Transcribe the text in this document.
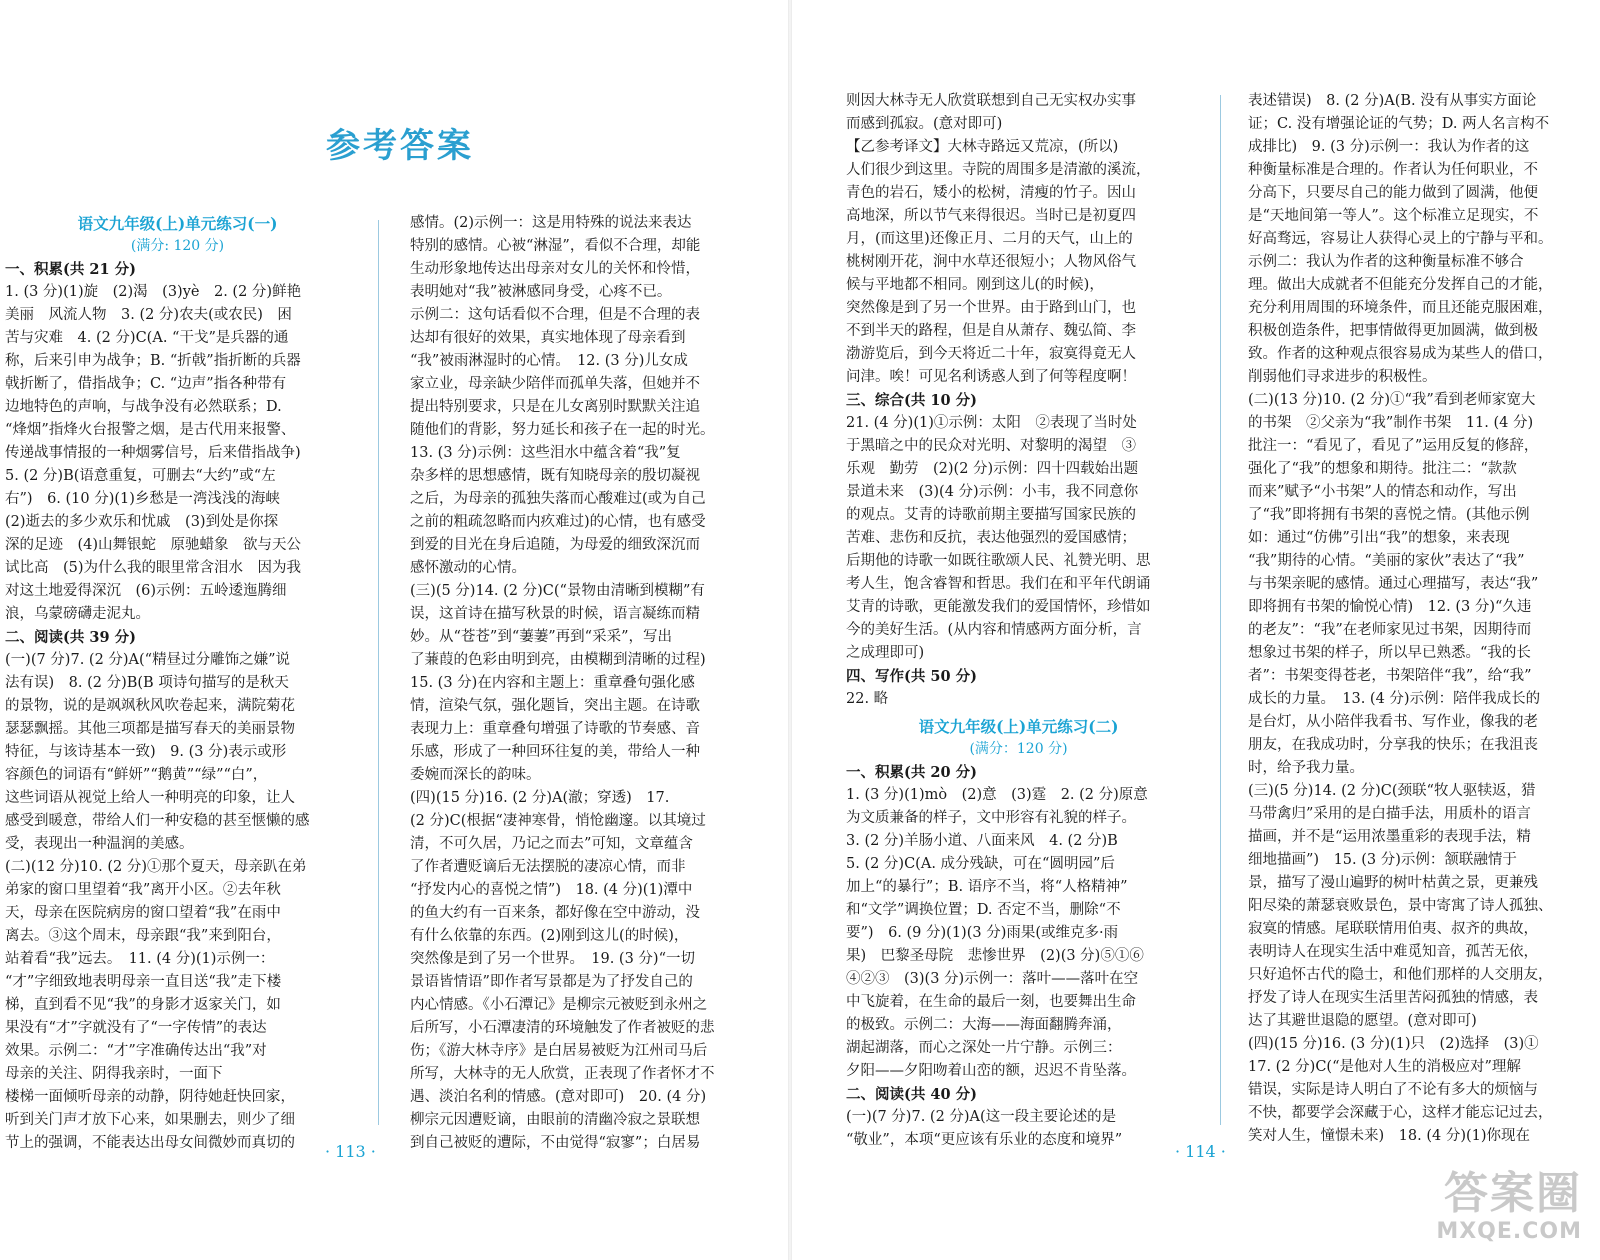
参考答案

语文九年级(上)单元练习(一)

(满分: 120 分)

一、积累(共 21 分)

1. (3 分)(1)旋　(2)渴　(3)yè　2. (2 分)鲜艳

美丽　风流人物　3. (2 分)农夫(或农民)　困

苦与灾难　4. (2 分)C(A. “干戈”是兵器的通

称，后来引申为战争；B. “折戟”指折断的兵器

戟折断了，借指战争；C. “边声”指各种带有

边地特色的声响，与战争没有必然联系；D.

“烽烟”指烽火台报警之烟，是古代用来报警、

传递战事情报的一种烟雾信号，后来借指战争)

5. (2 分)B(语意重复，可删去“大约”或“左

右”)　6. (10 分)(1)乡愁是一湾浅浅的海峡

(2)逝去的多少欢乐和忧戚　(3)到处是你探

深的足迹　(4)山舞银蛇　原驰蜡象　欲与天公

试比高　(5)为什么我的眼里常含泪水　因为我

对这土地爱得深沉　(6)示例：五岭逶迤腾细

浪，乌蒙磅礴走泥丸。

二、阅读(共 39 分)

(一)(7 分)7. (2 分)A(“精昼过分雕饰之嫌”说

法有误)　8. (2 分)B(B 项诗句描写的是秋天

的景物，说的是飒飒秋风吹卷起来，满院菊花

瑟瑟飘摇。其他三项都是描写春天的美丽景物

特征，与该诗基本一致)　9. (3 分)表示或形

容颜色的词语有“鲜妍”“鹅黄”“绿”“白”，

这些词语从视觉上给人一种明亮的印象，让人

感受到暖意，带给人们一种安稳的甚至惬懒的感

受，表现出一种温润的美感。

(二)(12 分)10. (2 分)①那个夏天，母亲趴在弟

弟家的窗口里望着“我”离开小区。②去年秋

天，母亲在医院病房的窗口望着“我”在雨中

离去。③这个周末，母亲跟“我”来到阳台，

站着看“我”远去。　11. (4 分)(1)示例一：

“才”字细致地表明母亲一直目送“我”走下楼

梯，直到看不见“我”的身影才返家关门，如

果没有“才”字就没有了“一字传情”的表达

效果。示例二：“才”字准确传达出“我”对

母亲的关注、阴得我亲时，一面下

楼梯一面倾听母亲的动静，阴待她赶快回家，

听到关门声才放下心来，如果删去，则少了细

节上的强调，不能表达出母女间微妙而真切的

感情。(2)示例一：这是用特殊的说法来表达

特别的感情。心被“淋湿”，看似不合理，却能

生动形象地传达出母亲对女儿的关怀和怜惜，

表明她对“我”被淋感同身受，心疼不已。

示例二：这句话看似不合理，但是不合理的表

达却有很好的效果，真实地体现了母亲看到

“我”被雨淋湿时的心情。　12. (3 分)儿女成

家立业，母亲缺少陪伴而孤单失落，但她并不

提出特别要求，只是在儿女离别时默默关注追

随他们的背影，努力延长和孩子在一起的时光。

13. (3 分)示例：这些泪水中蕴含着“我”复

杂多样的思想感情，既有知晓母亲的殷切凝视

之后，为母亲的孤独失落而心酸难过(或为自己

之前的粗疏忽略而内疚难过)的心情，也有感受

到爱的目光在身后追随，为母爱的细致深沉而

感怀激动的心情。

(三)(5 分)14. (2 分)C(“景物由清晰到模糊”有

误，这首诗在描写秋景的时候，语言凝练而精

妙。从“苍苍”到“萋萋”再到“采采”，写出

了蒹葭的色彩由明到亮，由模糊到清晰的过程)

15. (3 分)在内容和主题上：重章叠句强化感

情，渲染气氛，强化题旨，突出主题。在诗歌

表现力上：重章叠句增强了诗歌的节奏感、音

乐感，形成了一种回环往复的美，带给人一种

委婉而深长的韵味。

(四)(15 分)16. (2 分)A(澈；穿透)　17.

(2 分)C(根据“凄神寒骨，悄怆幽邃。以其境过

清，不可久居，乃记之而去”可知，文章蕴含

了作者遭贬谪后无法摆脱的凄凉心情，而非

“抒发内心的喜悦之情”)　18. (4 分)(1)潭中

的鱼大约有一百来条，都好像在空中游动，没

有什么依靠的东西。(2)刚到这儿(的时候)，

突然像是到了另一个世界。　19. (3 分)“一切

景语皆情语”即作者写景都是为了抒发自己的

内心情感。《小石潭记》是柳宗元被贬到永州之

后所写，小石潭凄清的环境触发了作者被贬的悲

伤；《游大林寺序》是白居易被贬为江州司马后

所写，大林寺的无人欣赏，正表现了作者怀才不

遇、淡泊名利的情感。(意对即可)　20. (4 分)

柳宗元因遭贬谪，由眼前的清幽冷寂之景联想

到自己被贬的遭际，不由觉得“寂寥”；白居易

· 113 ·

则因大林寺无人欣赏联想到自己无实权办实事

而感到孤寂。(意对即可)

【乙参考译文】大林寺路远又荒凉，(所以)

人们很少到这里。寺院的周围多是清澈的溪流，

青色的岩石，矮小的松树，清瘦的竹子。因山

高地深，所以节气来得很迟。当时已是初夏四

月，(而这里)还像正月、二月的天气，山上的

桃树刚开花，涧中水草还很短小；人物风俗气

候与平地都不相同。刚到这儿(的时候)，

突然像是到了另一个世界。由于路到山门，也

不到半天的路程，但是自从萧存、魏弘简、李

渤游览后，到今天将近二十年，寂寞得竟无人

问津。唉！可见名利诱惑人到了何等程度啊！

三、综合(共 10 分)

21. (4 分)(1)①示例：太阳　②表现了当时处

于黑暗之中的民众对光明、对黎明的渴望　③

乐观　勤劳　(2)(2 分)示例：四十四载始出题

景道未来　(3)(4 分)示例：小韦，我不同意你

的观点。艾青的诗歌前期主要描写国家民族的

苦难、悲伤和反抗，表达他强烈的爱国感情；

后期他的诗歌一如既往歌颂人民、礼赞光明、思

考人生，饱含睿智和哲思。我们在和平年代朗诵

艾青的诗歌，更能激发我们的爱国情怀，珍惜如

今的美好生活。(从内容和情感两方面分析，言

之成理即可)

四、写作(共 50 分)

22. 略

语文九年级(上)单元练习(二)

(满分：120 分)

一、积累(共 20 分)

1. (3 分)(1)mò　(2)意　(3)霆　2. (2 分)原意

为文质兼备的样子，文中形容有礼貌的样子。

3. (2 分)羊肠小道、八面来风　4. (2 分)B

5. (2 分)C(A. 成分残缺，可在“圆明园”后

加上“的暴行”；B. 语序不当，将“人格精神”

和“文学”调换位置；D. 否定不当，删除“不

要”)　6. (9 分)(1)(3 分)雨果(或维克多·雨

果)　巴黎圣母院　悲惨世界　(2)(3 分)⑤①⑥

④②③　(3)(3 分)示例一：落叶——落叶在空

中飞旋着，在生命的最后一刻，也要舞出生命

的极致。示例二：大海——海面翻腾奔涌，

湖起湖落，而心之深处一片宁静。示例三：

夕阳——夕阳吻着山峦的额，迟迟不肯坠落。

二、阅读(共 40 分)

(一)(7 分)7. (2 分)A(这一段主要论述的是

“敬业”，本项“更应该有乐业的态度和境界”

表述错误)　8. (2 分)A(B. 没有从事实方面论

证；C. 没有增强论证的气势；D. 两人名言构不

成排比)　9. (3 分)示例一：我认为作者的这

种衡量标准是合理的。作者认为任何职业，不

分高下，只要尽自己的能力做到了圆满，他便

是“天地间第一等人”。这个标准立足现实，不

好高骛远，容易让人获得心灵上的宁静与平和。

示例二：我认为作者的这种衡量标准不够合

理。做出大成就者不但能充分发挥自己的才能，

充分利用周围的环境条件，而且还能克服困难，

积极创造条件，把事情做得更加圆满，做到极

致。作者的这种观点很容易成为某些人的借口，

削弱他们寻求进步的积极性。

(二)(13 分)10. (2 分)①“我”看到老师家宽大

的书架　②父亲为“我”制作书架　11. (4 分)

批注一：“看见了，看见了”运用反复的修辞，

强化了“我”的想象和期待。批注二：“款款

而来”赋予“小书架”人的情态和动作，写出

了“我”即将拥有书架的喜悦之情。(其他示例

如：通过“仿佛”引出“我”的想象，来表现

“我”期待的心情。“美丽的家伙”表达了“我”

与书架亲昵的感情。通过心理描写，表达“我”

即将拥有书架的愉悦心情)　12. (3 分)“久违

的老友”：“我”在老师家见过书架，因期待而

想象过书架的样子，所以早已熟悉。“我的长

者”：书架变得苍老，书架陪伴“我”，给“我”

成长的力量。　13. (4 分)示例：陪伴我成长的

是台灯，从小陪伴我看书、写作业，像我的老

朋友，在我成功时，分享我的快乐；在我沮丧

时，给予我力量。

(三)(5 分)14. (2 分)C(颈联“牧人驱犊返，猎

马带禽归”采用的是白描手法，用质朴的语言

描画，并不是“运用浓墨重彩的表现手法，精

细地描画”)　15. (3 分)示例：颔联融情于

景，描写了漫山遍野的树叶枯黄之景，更兼残

阳尽染的萧瑟衰败景色，景中寄寓了诗人孤独、

寂寞的情感。尾联联情用伯夷、叔齐的典故，

表明诗人在现实生活中难觅知音，孤苦无依，

只好追怀古代的隐士，和他们那样的人交朋友，

抒发了诗人在现实生活里苦闷孤独的情感，表

达了其避世退隐的愿望。(意对即可)

(四)(15 分)16. (3 分)(1)只　(2)选择　(3)①

17. (2 分)C(“是他对人生的消极应对”理解

错误，实际是诗人明白了不论有多大的烦恼与

不快，都要学会深藏于心，这样才能忘记过去，

笑对人生，憧憬未来)　18. (4 分)(1)你现在

· 114 ·
答案圈
MXQE.COM
